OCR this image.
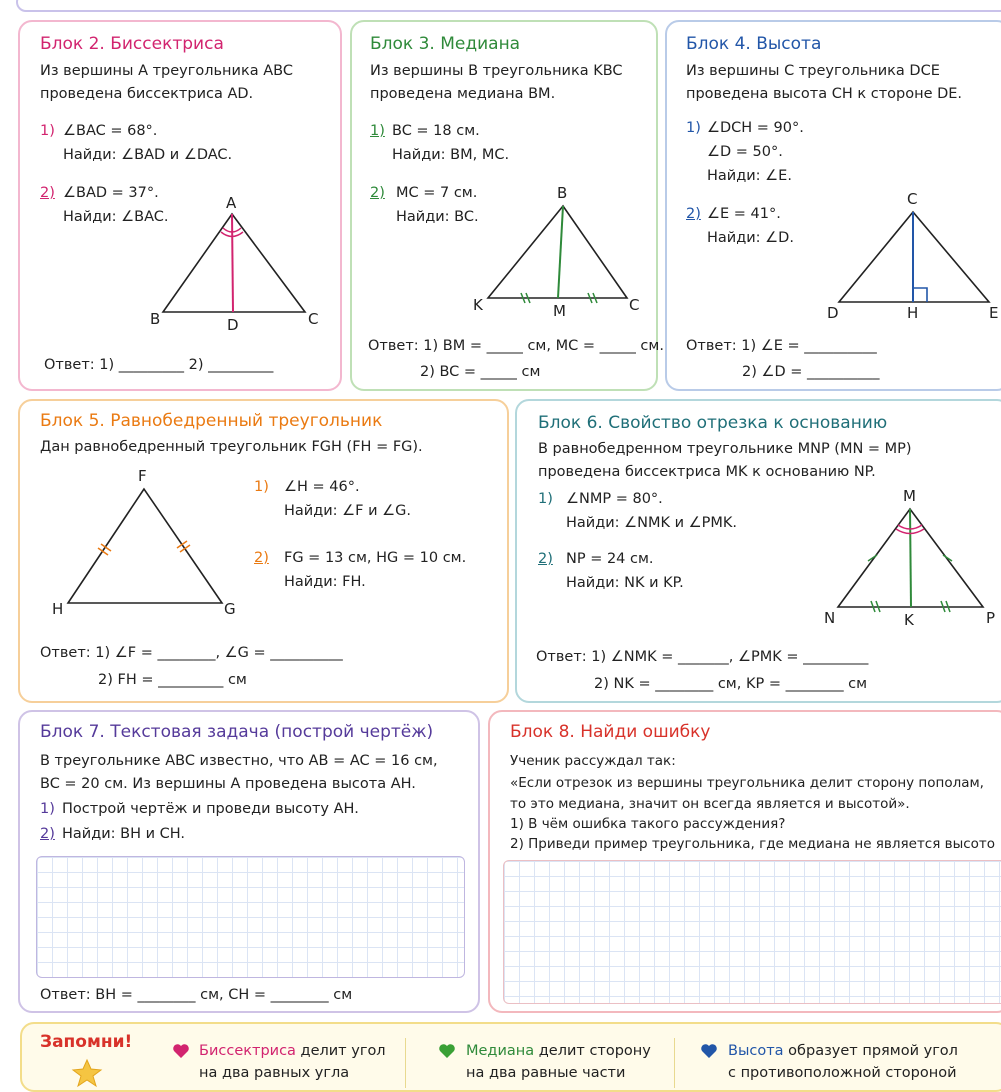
Блок 2. Биссектриса
Из вершины A треугольника ABC
проведена биссектриса AD.
1) ∠BAC = 68°.
Найди: ∠BAD и ∠DAC.
2) ∠BAD = 37°.
Найди: ∠BAC.
A
B	C
D
Ответ: 1) _________ 2) _________
Блок 3. Медиана
Из вершины B треугольника KBC
проведена медиана BM.
1) BC = 18 см.
Найди: BM, MC.
2) MC = 7 см.
Найди: BC.
B
K	M	C
Ответ: 1) BM = _____ см, MC = _____ см.
2) BC = _____ см
Блок 4. Высота
Из вершины C треугольника DCE
проведена высота CH к стороне DE.
1) ∠DCH = 90°.
∠D = 50°.
Найди: ∠E.
2) ∠E = 41°.
Найди: ∠D.
C
D	H	E
Ответ: 1) ∠E = __________
2) ∠D = __________
Блок 5. Равнобедренный треугольник
Дан равнобедренный треугольник FGH (FH = FG).
F
H	G
1) ∠H = 46°.
Найди: ∠F и ∠G.
2) FG = 13 см, HG = 10 см.
Найди: FH.
Ответ: 1) ∠F = ________, ∠G = __________
2) FH = _________ см
Блок 6. Свойство отрезка к основанию
В равнобедренном треугольнике MNP (MN = MP)
проведена биссектриса MK к основанию NP.
1) ∠NMP = 80°.
Найди: ∠NMK и ∠PMK.
2) NP = 24 см.
Найди: NK и KP.
M
N	K	P
Ответ: 1) ∠NMK = _______, ∠PMK = _________
2) NK = ________ см, KP = ________ см
Блок 7. Текстовая задача (построй чертёж)
В треугольнике ABC известно, что AB = AC = 16 см,
BC = 20 см. Из вершины A проведена высота AH.
1) Построй чертёж и проведи высоту AH.
2) Найди: BH и CH.
Ответ: BH = ________ см, CH = ________ см
Блок 8. Найди ошибку
Ученик рассуждал так:
«Если отрезок из вершины треугольника делит сторону пополам,
то это медиана, значит он всегда является и высотой».
1) В чём ошибка такого рассуждения?
2) Приведи пример треугольника, где медиана не является высото
Запомни!	Биссектриса делит угол
на два равных угла
Медиана делит сторону
на два равные части
Высота образует прямой угол
с противоположной стороной
